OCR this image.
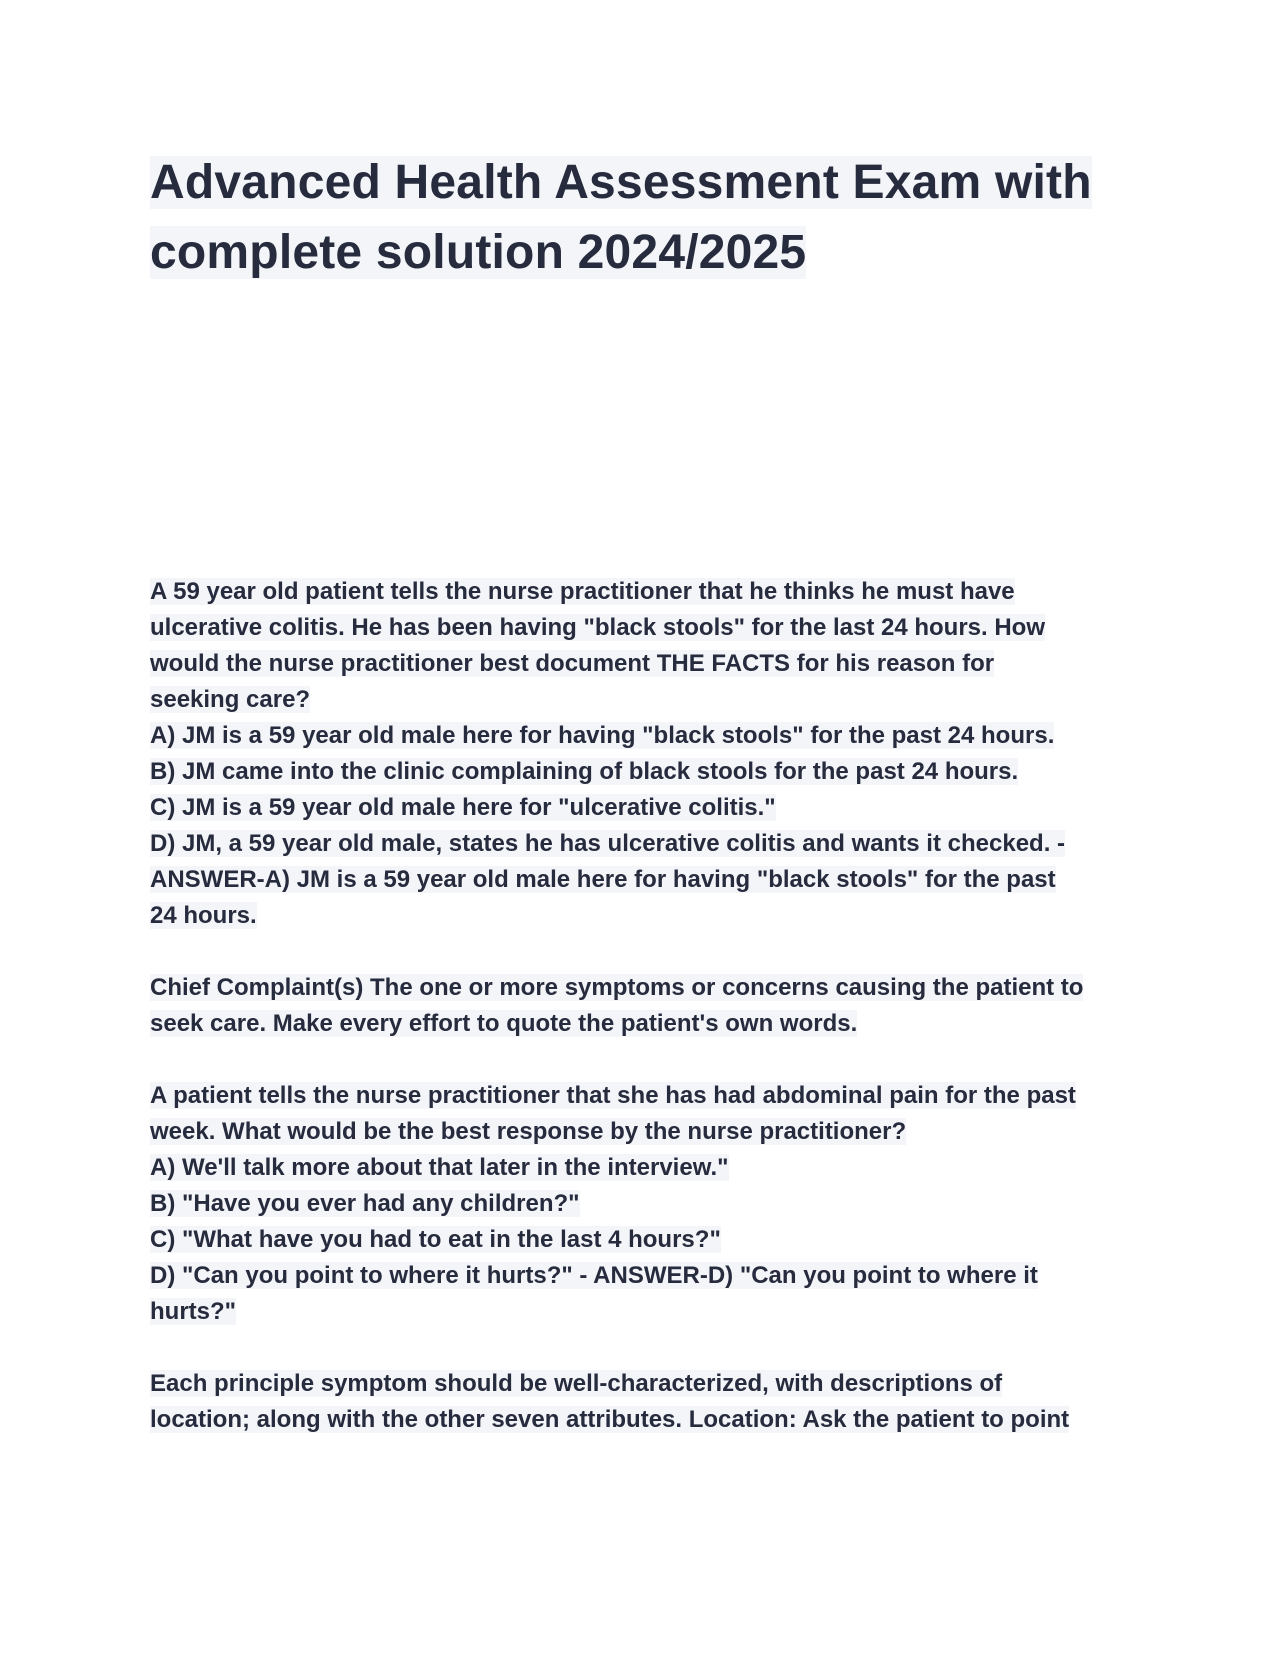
Advanced Health Assessment Exam with
complete solution 2024/2025

A 59 year old patient tells the nurse practitioner that he thinks he must have
ulcerative colitis. He has been having "black stools" for the last 24 hours. How
would the nurse practitioner best document THE FACTS for his reason for
seeking care?
A) JM is a 59 year old male here for having "black stools" for the past 24 hours.
B) JM came into the clinic complaining of black stools for the past 24 hours.
C) JM is a 59 year old male here for "ulcerative colitis."
D) JM, a 59 year old male, states he has ulcerative colitis and wants it checked. -
ANSWER-A) JM is a 59 year old male here for having "black stools" for the past
24 hours.

Chief Complaint(s) The one or more symptoms or concerns causing the patient to
seek care. Make every effort to quote the patient's own words.

A patient tells the nurse practitioner that she has had abdominal pain for the past
week. What would be the best response by the nurse practitioner?
A) We'll talk more about that later in the interview."
B) "Have you ever had any children?"
C) "What have you had to eat in the last 4 hours?"
D) "Can you point to where it hurts?" - ANSWER-D) "Can you point to where it
hurts?"

Each principle symptom should be well-characterized, with descriptions of
location; along with the other seven attributes. Location: Ask the patient to point
